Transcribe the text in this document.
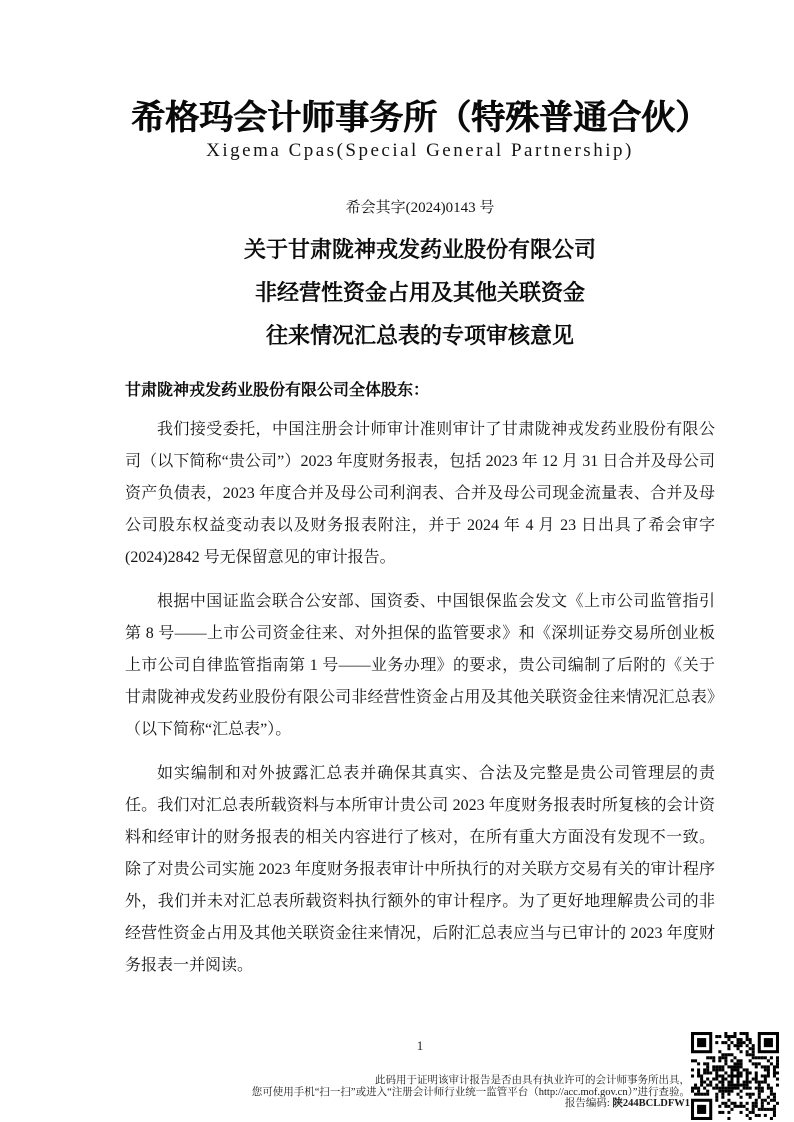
希格玛会计师事务所（特殊普通合伙）
Xigema Cpas(Special General Partnership)
希会其字(2024)0143 号
关于甘肃陇神戎发药业股份有限公司
非经营性资金占用及其他关联资金
往来情况汇总表的专项审核意见
甘肃陇神戎发药业股份有限公司全体股东：

我们接受委托，中国注册会计师审计准则审计了甘肃陇神戎发药业股份有限公司（以下简称“贵公司”）2023 年度财务报表，包括 2023 年 12 月 31 日合并及母公司资产负债表，2023 年度合并及母公司利润表、合并及母公司现金流量表、合并及母公司股东权益变动表以及财务报表附注，并于 2024 年 4 月 23 日出具了希会审字(2024)2842 号无保留意见的审计报告。

根据中国证监会联合公安部、国资委、中国银保监会发文《上市公司监管指引第 8 号——上市公司资金往来、对外担保的监管要求》和《深圳证券交易所创业板上市公司自律监管指南第 1 号——业务办理》的要求，贵公司编制了后附的《关于甘肃陇神戎发药业股份有限公司非经营性资金占用及其他关联资金往来情况汇总表》（以下简称“汇总表”）。

如实编制和对外披露汇总表并确保其真实、合法及完整是贵公司管理层的责任。我们对汇总表所载资料与本所审计贵公司 2023 年度财务报表时所复核的会计资料和经审计的财务报表的相关内容进行了核对，在所有重大方面没有发现不一致。除了对贵公司实施 2023 年度财务报表审计中所执行的对关联方交易有关的审计程序外，我们并未对汇总表所载资料执行额外的审计程序。为了更好地理解贵公司的非经营性资金占用及其他关联资金往来情况，后附汇总表应当与已审计的 2023 年度财务报表一并阅读。

1
此码用于证明该审计报告是否由具有执业许可的会计师事务所出具，
您可使用手机“扫一扫”或进入“注册会计师行业统一监管平台（http://acc.mof.gov.cn）”进行查验。
报告编码: 陕244BCLDFW1
